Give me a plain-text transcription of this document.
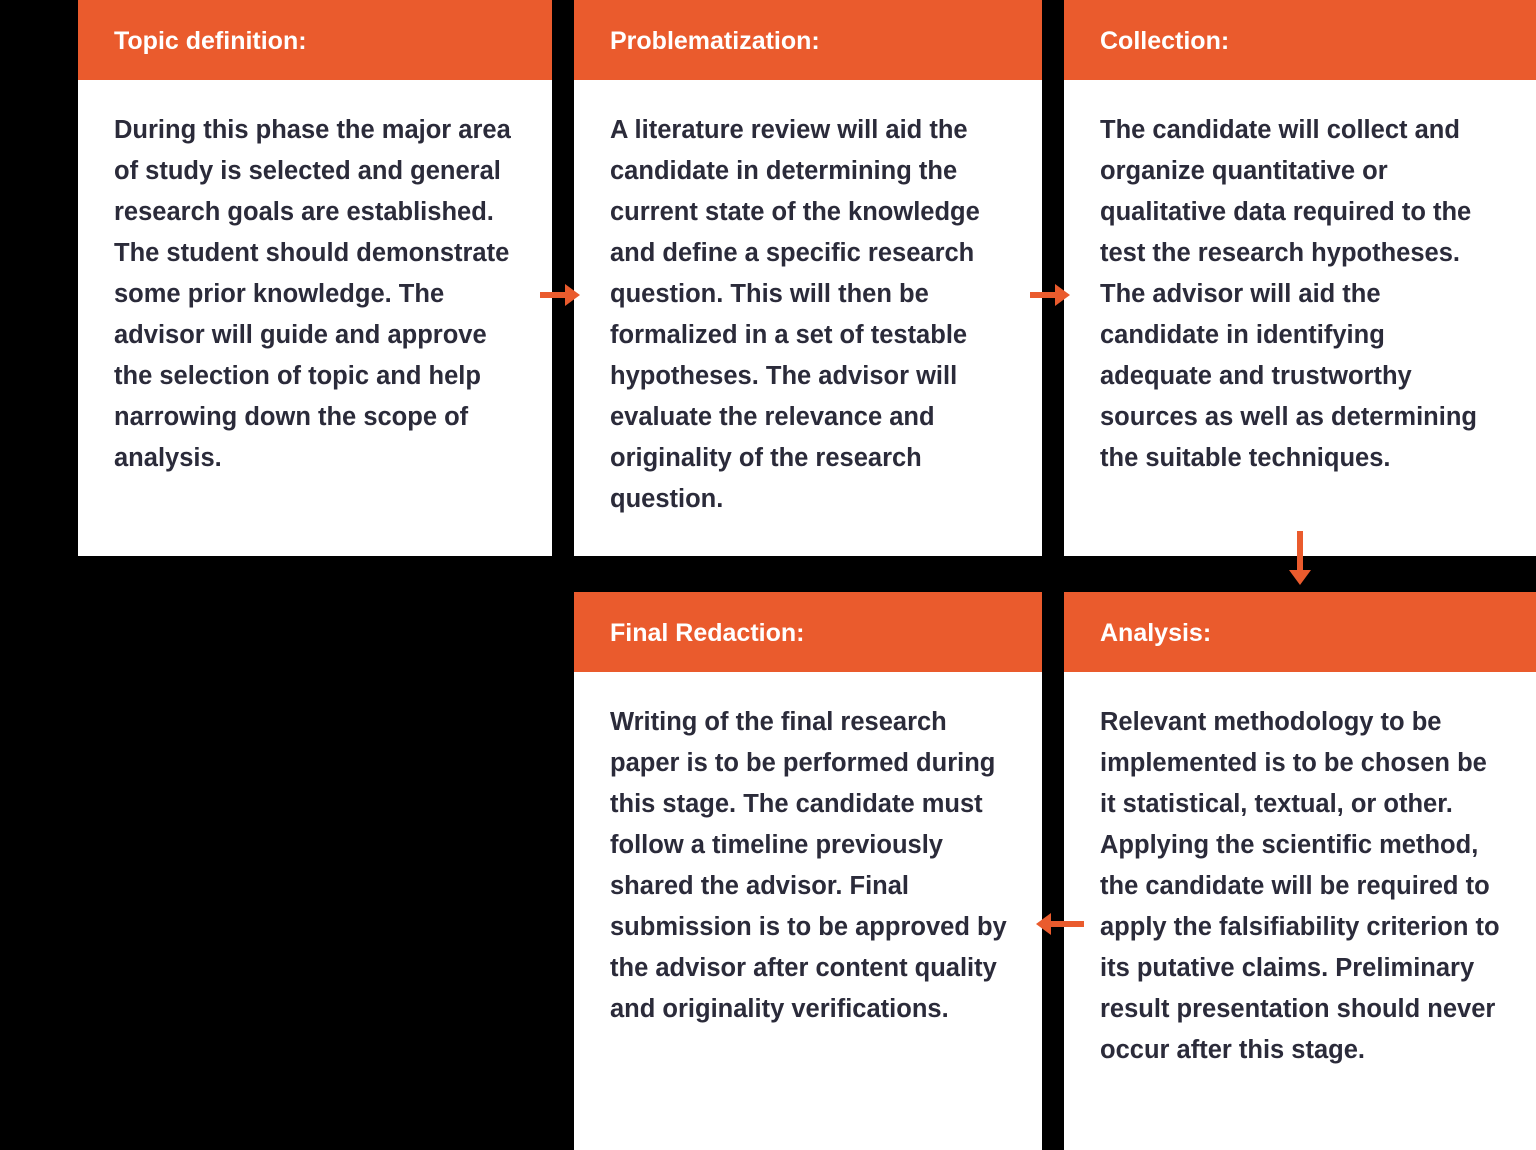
Topic definition:
During this phase the major area of study is selected and general research goals are established. The student should demonstrate some prior knowledge. The advisor will guide and approve the selection of topic and help narrowing down the scope of analysis.
Problematization:
A literature review will aid the candidate in determining the current state of the knowledge and define a specific research question. This will then be formalized in a set of testable hypotheses. The advisor will evaluate the relevance and originality of the research question.
Collection:
The candidate will collect and organize quantitative or qualitative data required to the test the research hypotheses. The advisor will aid the candidate in identifying adequate and trustworthy sources as well as determining the suitable techniques.
Final Redaction:
Writing of the final research paper is to be performed during this stage. The candidate must follow a timeline previously shared the advisor. Final submission is to be approved by the advisor after content quality and originality verifications.
Analysis:
Relevant methodology to be implemented is to be chosen be it statistical, textual, or other. Applying the scientific method, the candidate will be required to apply the falsifiability criterion to its putative claims. Preliminary result presentation should never occur after this stage.
